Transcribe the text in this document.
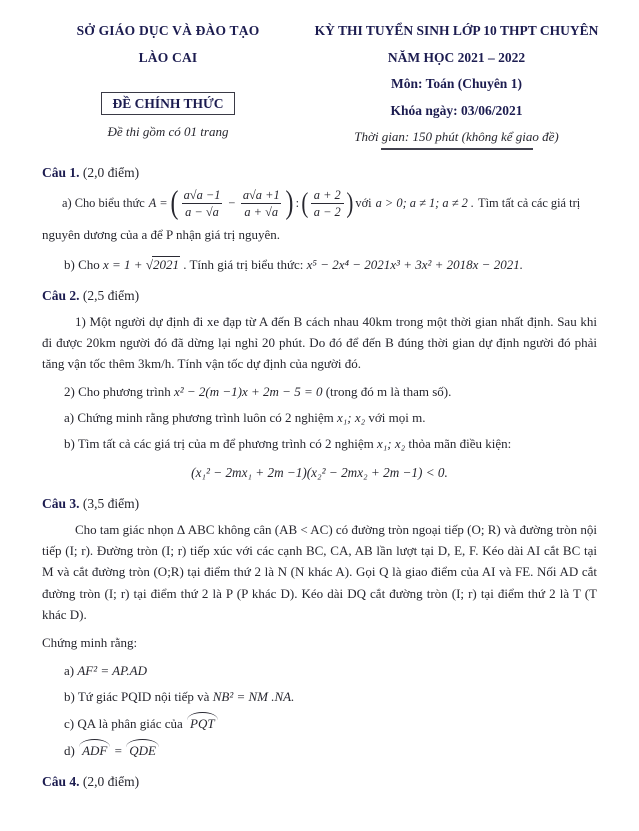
SỞ GIÁO DỤC VÀ ĐÀO TẠO
LÀO CAI
ĐỀ CHÍNH THỨC
Đề thi gồm có 01 trang
KỲ THI TUYỂN SINH LỚP 10 THPT CHUYÊN
NĂM HỌC 2021 – 2022
Môn: Toán (Chuyên 1)
Khóa ngày: 03/06/2021
Thời gian: 150 phút (không kể giao đề)
Câu 1. (2,0 điểm)
a) Cho biểu thức A = ( $\frac{a√a -1}{a - √a} - \frac{a√a +1}{a + √a}$ ) : ( $\frac{a + 2}{a - 2}$ ) với a > 0; a ≠ 1; a ≠ 2 . Tìm tất cả các giá trị
nguyên dương của a để P nhận giá trị nguyên.
b) Cho x = 1 + √2021 . Tính giá trị biểu thức: x⁵ − 2x⁴ − 2021x³ + 3x² + 2018x − 2021.
Câu 2. (2,5 điểm)
1) Một người dự định đi xe đạp từ A đến B cách nhau 40km trong một thời gian nhất định. Sau khi đi được 20km người đó đã dừng lại nghỉ 20 phút. Do đó để đến B đúng thời gian dự định người đó phải tăng vận tốc thêm 3km/h. Tính vận tốc dự định của người đó.
2) Cho phương trình x² − 2(m −1)x + 2m − 5 = 0 (trong đó m là tham số).
a) Chứng minh rằng phương trình luôn có 2 nghiệm x₁; x₂ với mọi m.
b) Tìm tất cả các giá trị của m để phương trình có 2 nghiệm x₁; x₂ thỏa mãn điều kiện:
(x₁² − 2mx₁ + 2m −1)(x₂² − 2mx₂ + 2m −1) < 0.
Câu 3. (3,5 điểm)
Cho tam giác nhọn Δ ABC không cân (AB < AC) có đường tròn ngoại tiếp (O; R) và đường tròn nội tiếp (I; r). Đường tròn (I; r) tiếp xúc với các cạnh BC, CA, AB lần lượt tại D, E, F. Kéo dài AI cắt BC tại M và cắt đường tròn (O;R) tại điểm thứ 2 là N (N khác A). Gọi Q là giao điểm của AI và FE. Nối AD cắt đường tròn (I; r) tại điểm thứ 2 là P (P khác D). Kéo dài DQ cắt đường tròn (I; r) tại điểm thứ 2 là T (T khác D).
Chứng minh rằng:
a) AF² = AP.AD
b) Tứ giác PQID nội tiếp và NB² = NM .NA.
c) QA là phân giác của PQT
d) ADF = QDE
Câu 4. (2,0 điểm)
